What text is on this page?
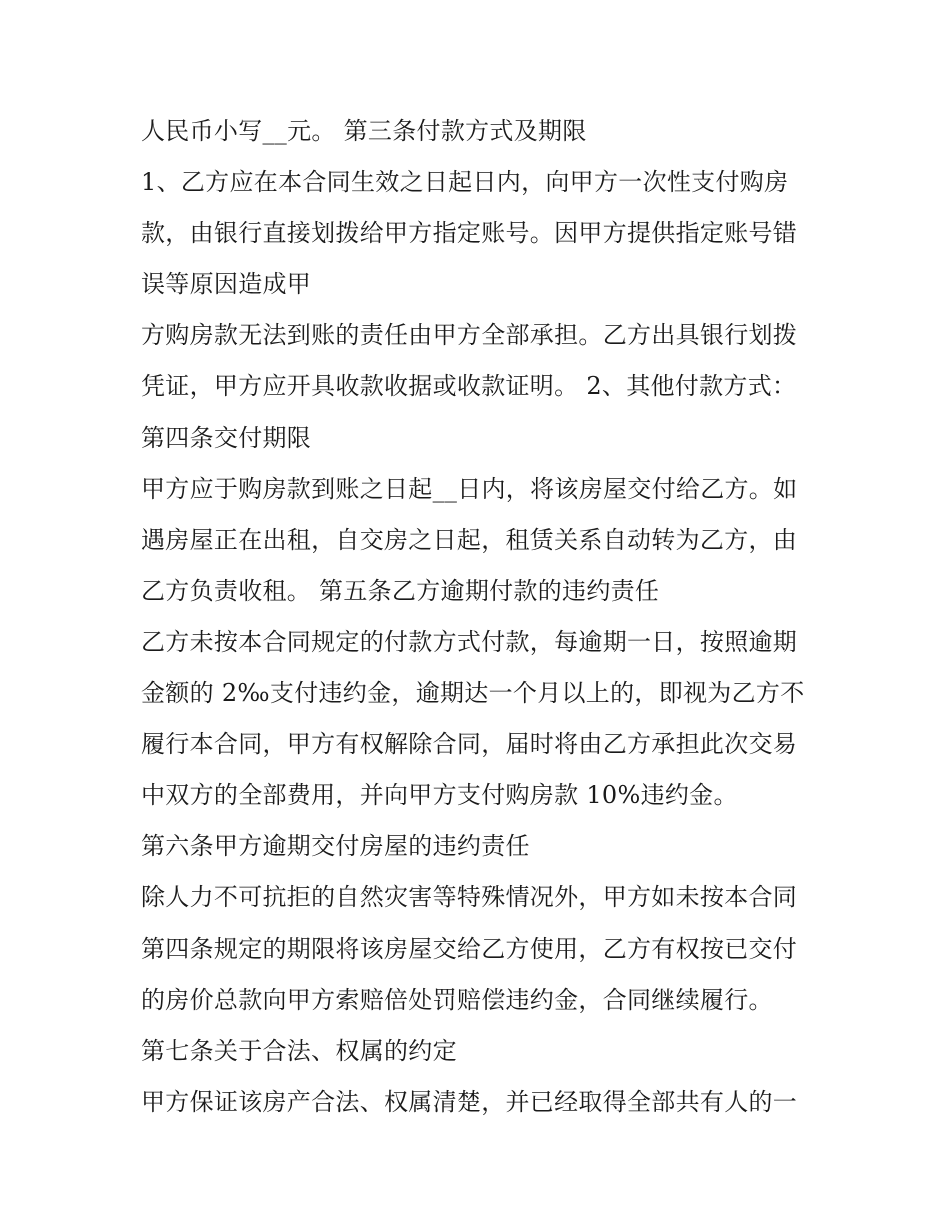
人民币小写__元。 第三条付款方式及期限
1、乙方应在本合同生效之日起日内，向甲方一次性支付购房
款，由银行直接划拨给甲方指定账号。因甲方提供指定账号错
误等原因造成甲
方购房款无法到账的责任由甲方全部承担。乙方出具银行划拨
凭证，甲方应开具收款收据或收款证明。 2、其他付款方式：
第四条交付期限
甲方应于购房款到账之日起__日内，将该房屋交付给乙方。如
遇房屋正在出租，自交房之日起，租赁关系自动转为乙方，由
乙方负责收租。 第五条乙方逾期付款的违约责任
乙方未按本合同规定的付款方式付款，每逾期一日，按照逾期
金额的 2‰支付违约金，逾期达一个月以上的，即视为乙方不
履行本合同，甲方有权解除合同，届时将由乙方承担此次交易
中双方的全部费用，并向甲方支付购房款 10%违约金。
第六条甲方逾期交付房屋的违约责任
除人力不可抗拒的自然灾害等特殊情况外，甲方如未按本合同
第四条规定的期限将该房屋交给乙方使用，乙方有权按已交付
的房价总款向甲方索赔倍处罚赔偿违约金，合同继续履行。
第七条关于合法、权属的约定
甲方保证该房产合法、权属清楚，并已经取得全部共有人的一
